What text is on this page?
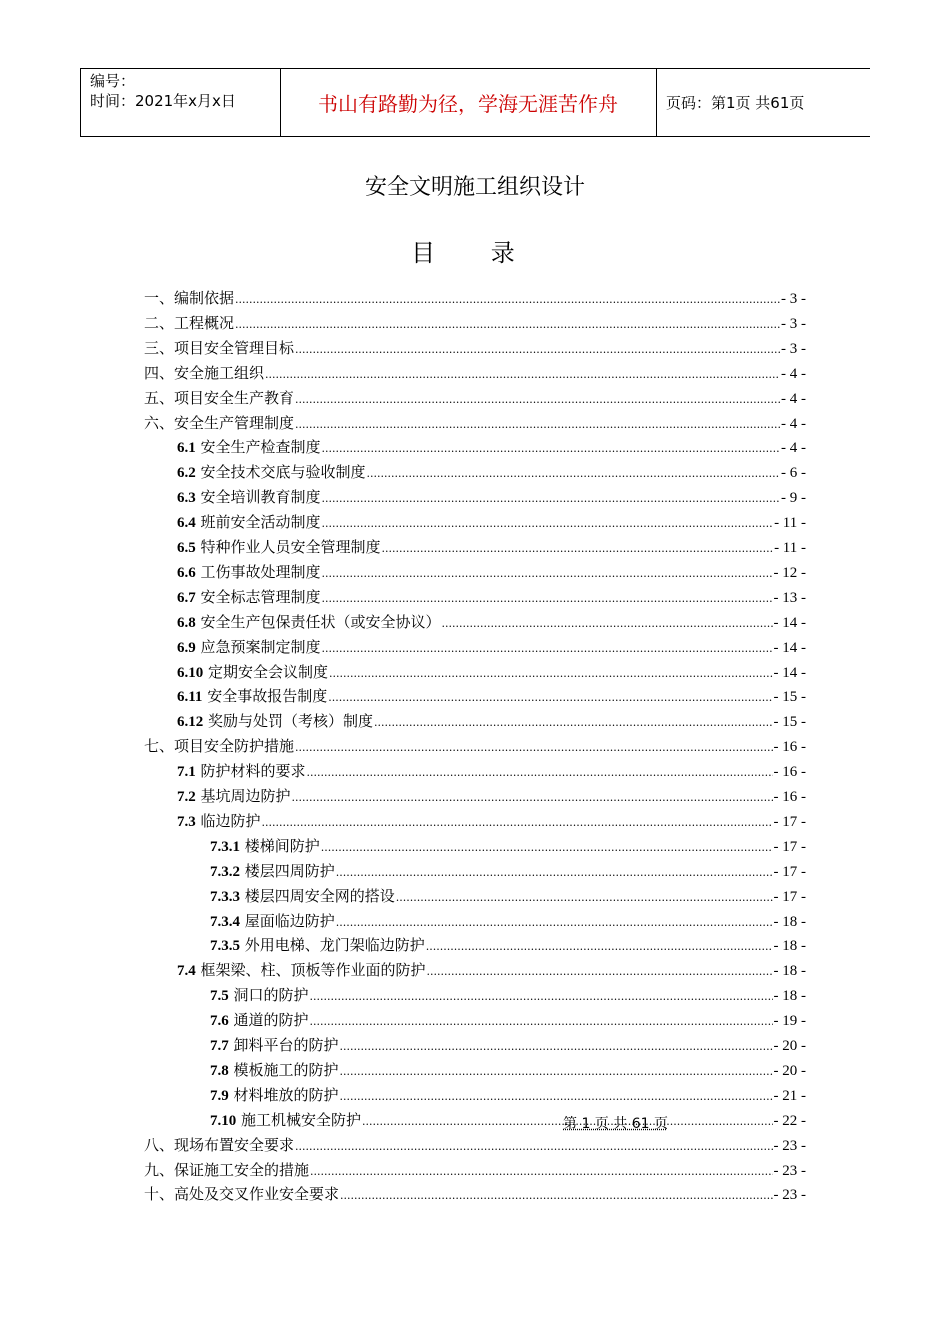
编号：
时间：2021年x月x日	书山有路勤为径，学海无涯苦作舟	页码：第1页 共61页
安全文明施工组织设计
目 录
一、编制依据 .....	- 3 -
二、工程概况 .....	- 3 -
三、项目安全管理目标 .....	- 3 -
四、安全施工组织 .....	- 4 -
五、项目安全生产教育 .....	- 4 -
六、安全生产管理制度 .....	- 4 -
6.1 安全生产检查制度 .....	- 4 -
6.2 安全技术交底与验收制度 .....	- 6 -
6.3 安全培训教育制度 .....	- 9 -
6.4 班前安全活动制度 .....	- 11 -
6.5 特种作业人员安全管理制度 .....	- 11 -
6.6 工伤事故处理制度 .....	- 12 -
6.7 安全标志管理制度 .....	- 13 -
6.8 安全生产包保责任状（或安全协议） .....	- 14 -
6.9 应急预案制定制度 .....	- 14 -
6.10 定期安全会议制度 .....	- 14 -
6.11 安全事故报告制度 .....	- 15 -
6.12 奖励与处罚（考核）制度 .....	- 15 -
七、项目安全防护措施 .....	- 16 -
7.1 防护材料的要求 .....	- 16 -
7.2 基坑周边防护 .....	- 16 -
7.3 临边防护 .....	- 17 -
7.3.1 楼梯间防护 .....	- 17 -
7.3.2 楼层四周防护 .....	- 17 -
7.3.3 楼层四周安全网的搭设 .....	- 17 -
7.3.4 屋面临边防护 .....	- 18 -
7.3.5 外用电梯、龙门架临边防护 .....	- 18 -
7.4 框架梁、柱、顶板等作业面的防护 .....	- 18 -
7.5 洞口的防护 .....	- 18 -
7.6 通道的防护 .....	- 19 -
7.7 卸料平台的防护 .....	- 20 -
7.8 模板施工的防护 .....	- 20 -
7.9 材料堆放的防护 .....	- 21 -
7.10 施工机械安全防护 .....	- 22 -
八、现场布置安全要求 .....	- 23 -
九、保证施工安全的措施 .....	- 23 -
十、高处及交叉作业安全要求 .....	- 23 -
第 1 页 共 61 页
